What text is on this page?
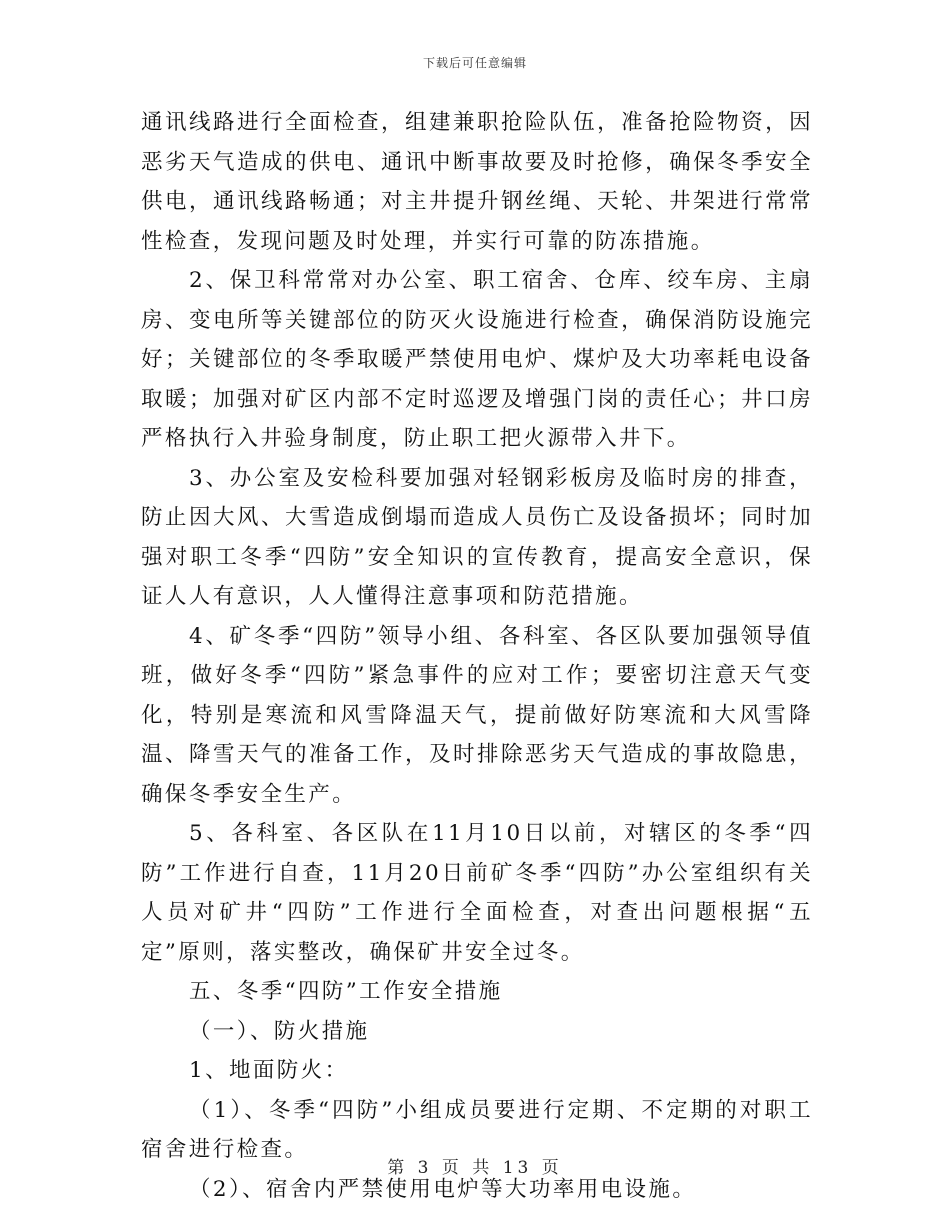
下载后可任意编辑

通讯线路进行全面检查，组建兼职抢险队伍，准备抢险物资，因恶劣天气造成的供电、通讯中断事故要及时抢修，确保冬季安全供电，通讯线路畅通；对主井提升钢丝绳、天轮、井架进行常常性检查，发现问题及时处理，并实行可靠的防冻措施。

2、保卫科常常对办公室、职工宿舍、仓库、绞车房、主扇房、变电所等关键部位的防灭火设施进行检查，确保消防设施完好；关键部位的冬季取暖严禁使用电炉、煤炉及大功率耗电设备取暖；加强对矿区内部不定时巡逻及增强门岗的责任心；井口房严格执行入井验身制度，防止职工把火源带入井下。

3、办公室及安检科要加强对轻钢彩板房及临时房的排查，防止因大风、大雪造成倒塌而造成人员伤亡及设备损坏；同时加强对职工冬季“四防”安全知识的宣传教育，提高安全意识，保证人人有意识，人人懂得注意事项和防范措施。

4、矿冬季“四防”领导小组、各科室、各区队要加强领导值班，做好冬季“四防”紧急事件的应对工作；要密切注意天气变化，特别是寒流和风雪降温天气，提前做好防寒流和大风雪降温、降雪天气的准备工作，及时排除恶劣天气造成的事故隐患，确保冬季安全生产。

5、各科室、各区队在11月10日以前，对辖区的冬季“四防”工作进行自查，11月20日前矿冬季“四防”办公室组织有关人员对矿井“四防”工作进行全面检查，对查出问题根据“五定”原则，落实整改，确保矿井安全过冬。

五、冬季“四防”工作安全措施

（一）、防火措施

1、地面防火：

（1）、冬季“四防”小组成员要进行定期、不定期的对职工宿舍进行检查。

（2）、宿舍内严禁使用电炉等大功率用电设施。

第 3 页 共 13 页
